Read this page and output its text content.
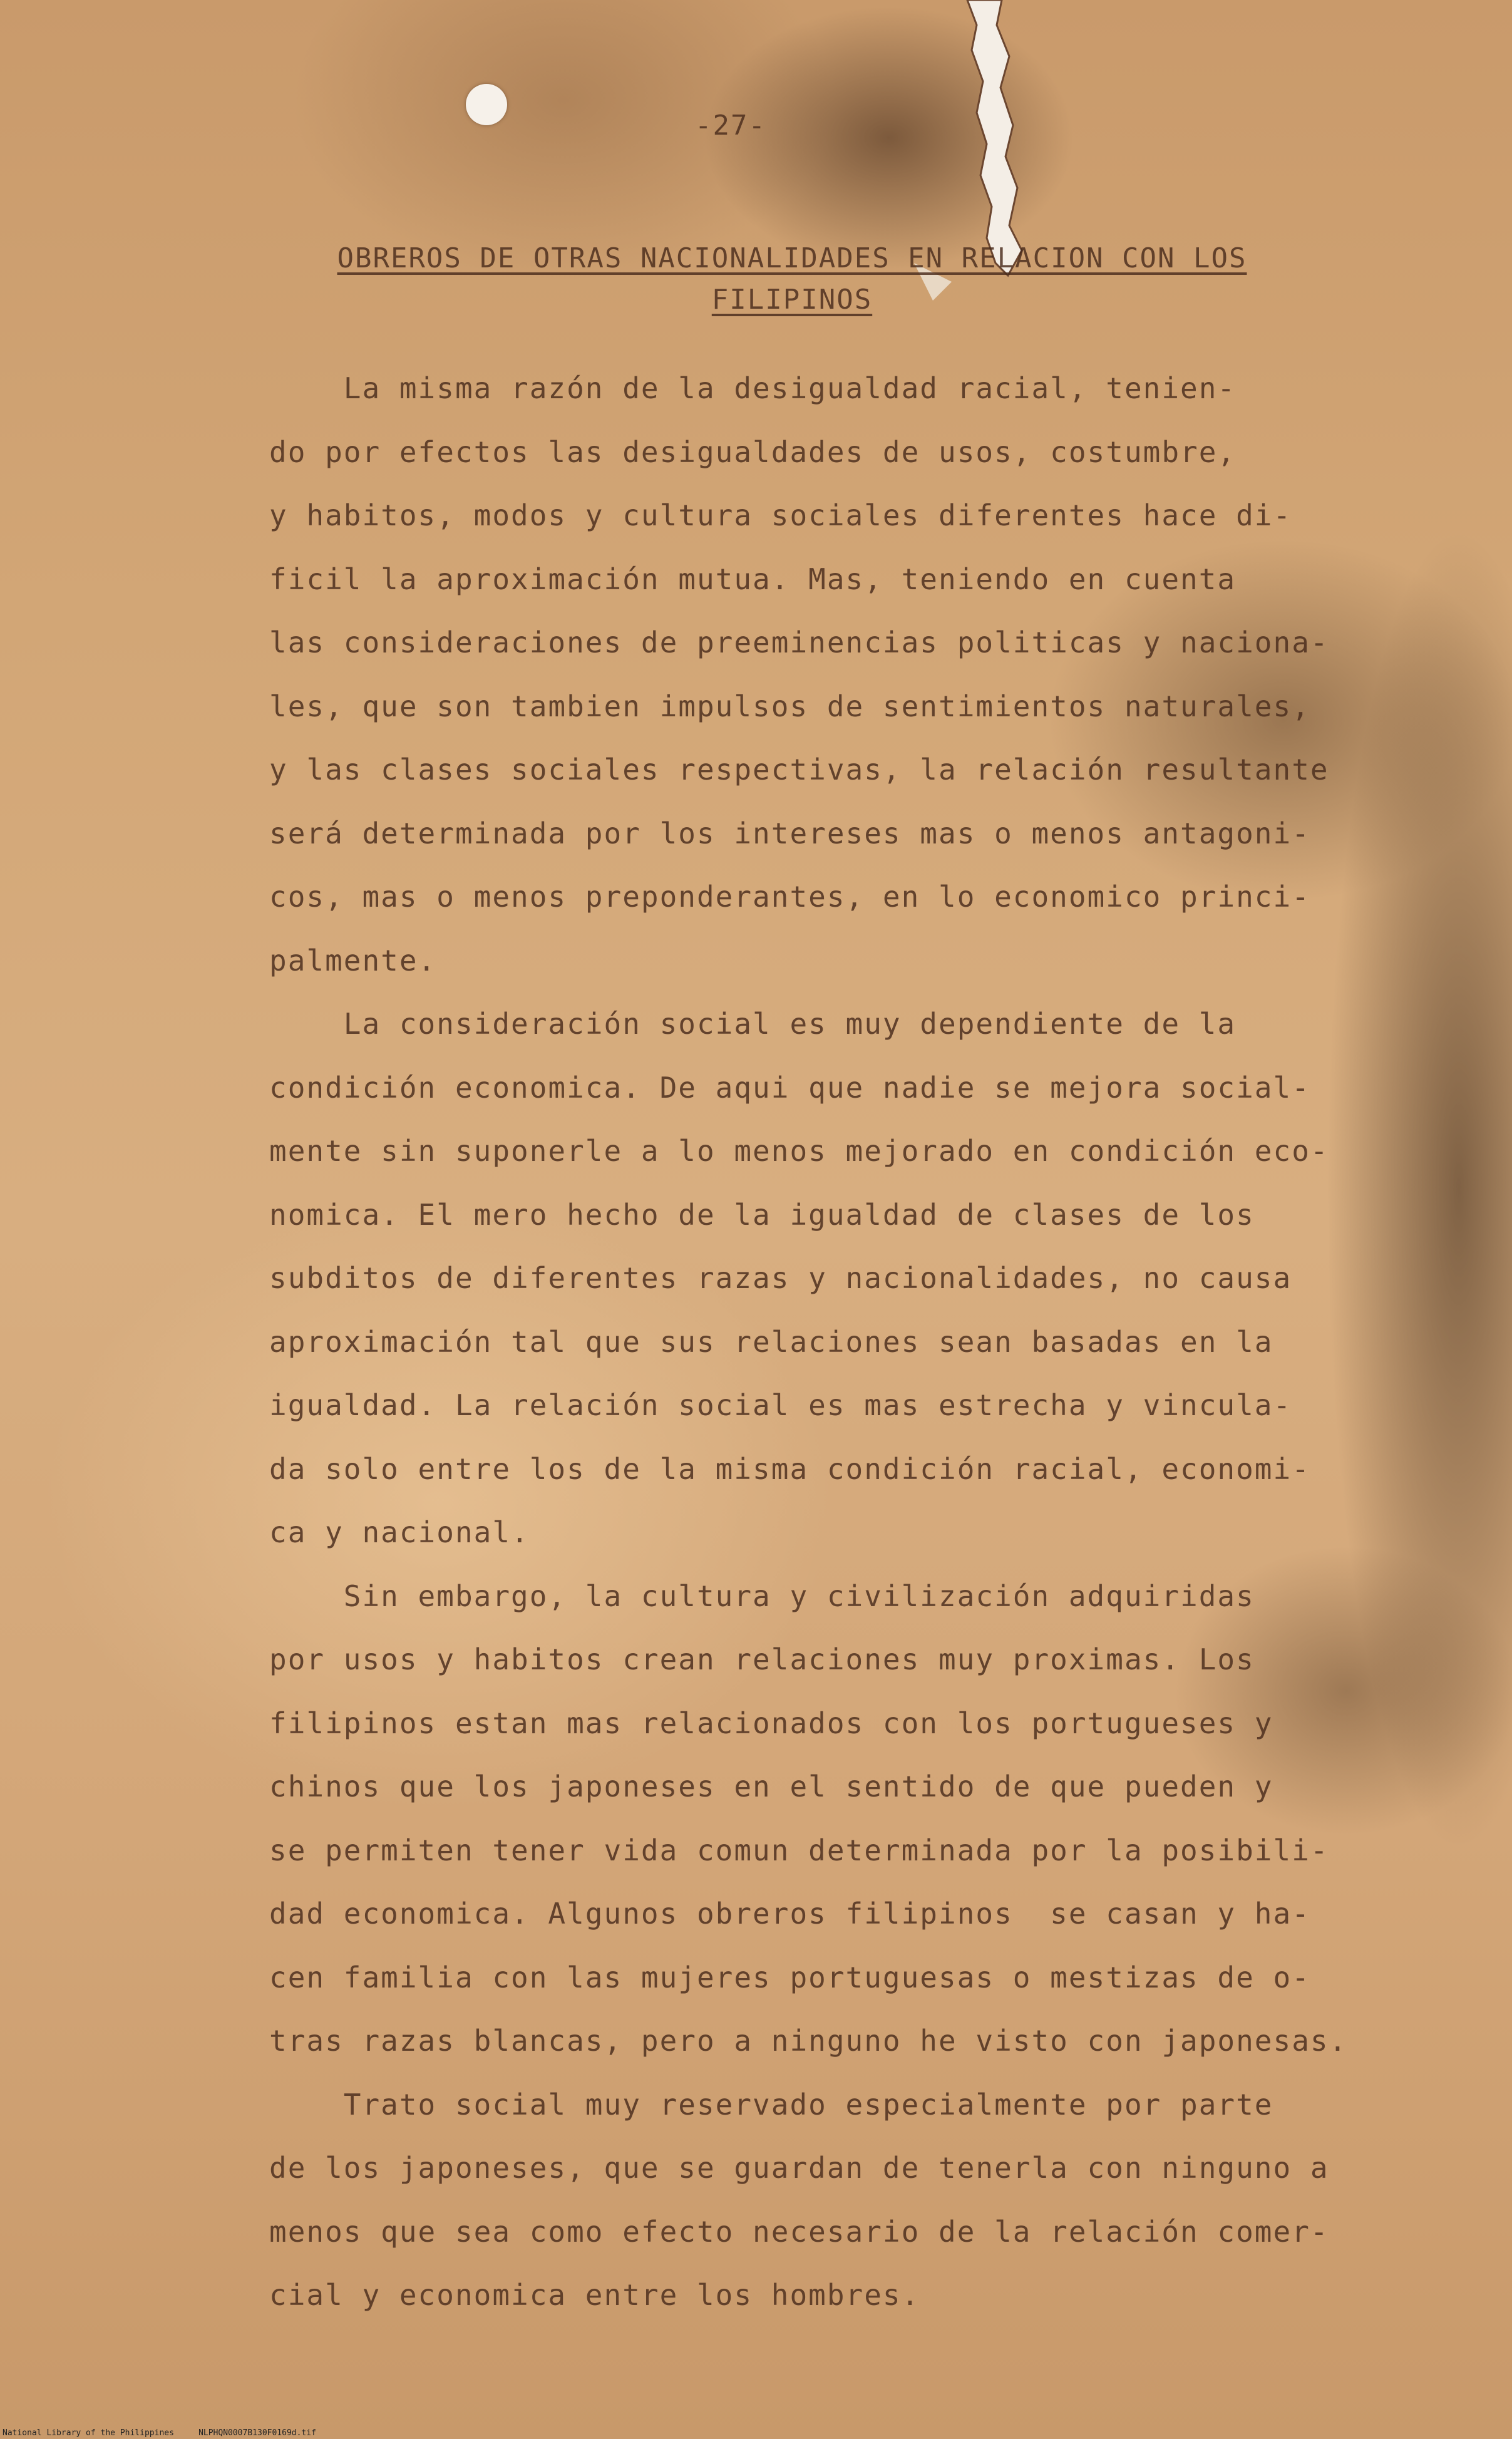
-27-
OBREROS DE OTRAS NACIONALIDADES EN RELACION CON LOS FILIPINOS
La misma razón de la desigualdad racial, tenien-
do por efectos las desigualdades de usos, costumbre,
y habitos, modos y cultura sociales diferentes hace di-
ficil la aproximación mutua. Mas, teniendo en cuenta
las consideraciones de preeminencias politicas y naciona-
les, que son tambien impulsos de sentimientos naturales,
y las clases sociales respectivas, la relación resultante
será determinada por los intereses mas o menos antagoni-
cos, mas o menos preponderantes, en lo economico princi-
palmente.
La consideración social es muy dependiente de la
condición economica. De aqui que nadie se mejora social-
mente sin suponerle a lo menos mejorado en condición eco-
nomica. El mero hecho de la igualdad de clases de los
subditos de diferentes razas y nacionalidades, no causa
aproximación tal que sus relaciones sean basadas en la
igualdad. La relación social es mas estrecha y vincula-
da solo entre los de la misma condición racial, economi-
ca y nacional.
Sin embargo, la cultura y civilización adquiridas
por usos y habitos crean relaciones muy proximas. Los
filipinos estan mas relacionados con los portugueses y
chinos que los japoneses en el sentido de que pueden y
se permiten tener vida comun determinada por la posibili-
dad economica. Algunos obreros filipinos  se casan y ha-
cen familia con las mujeres portuguesas o mestizas de o-
tras razas blancas, pero a ninguno he visto con japonesas.
Trato social muy reservado especialmente por parte
de los japoneses, que se guardan de tenerla con ninguno a
menos que sea como efecto necesario de la relación comer-
cial y economica entre los hombres.
National Library of the Philippines     NLPHQN0007B130F0169d.tif
